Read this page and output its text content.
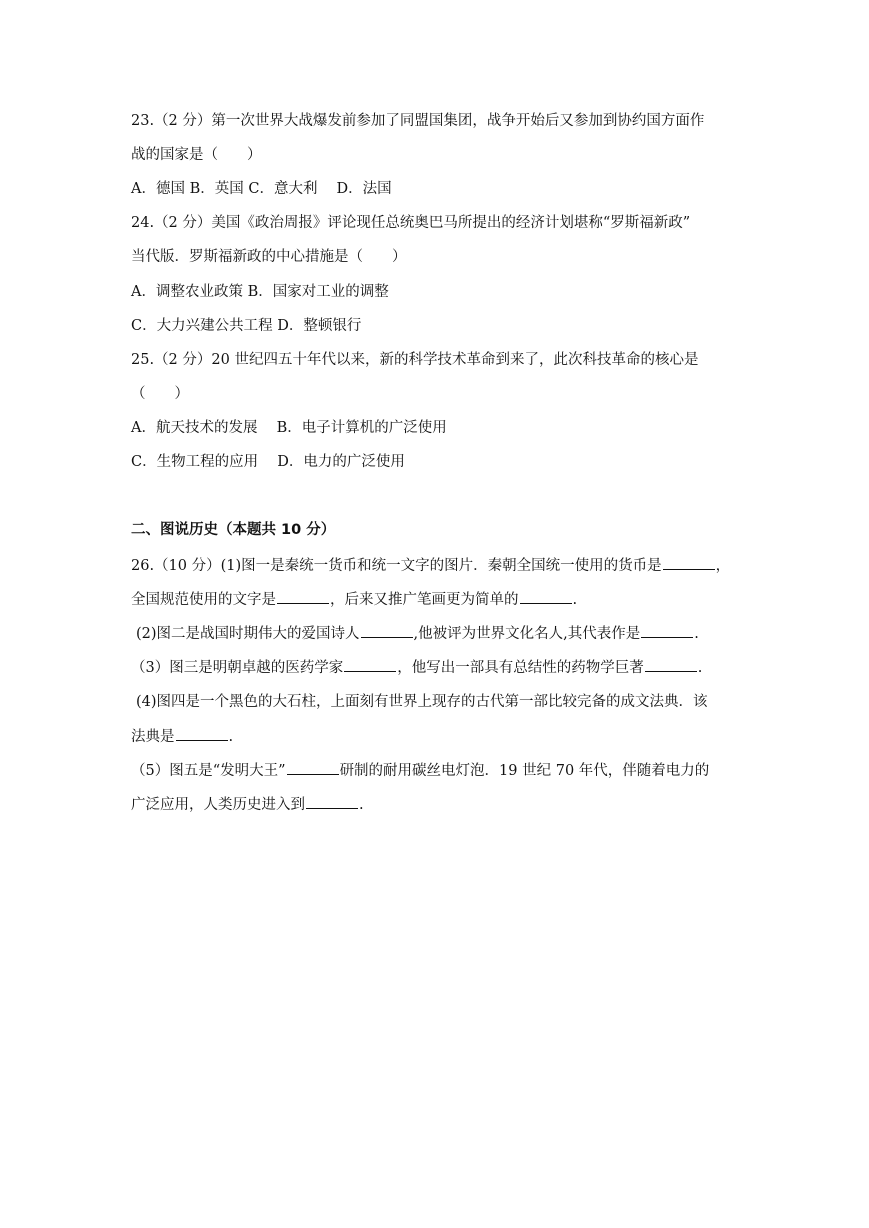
23.（2 分）第一次世界大战爆发前参加了同盟国集团，战争开始后又参加到协约国方面作
战的国家是（　　）
A．德国 B．英国 C．意大利　 D．法国
24.（2 分）美国《政治周报》评论现任总统奥巴马所提出的经济计划堪称“罗斯福新政”
当代版．罗斯福新政的中心措施是（　　）
A．调整农业政策 B．国家对工业的调整
C．大力兴建公共工程 D．整顿银行
25.（2 分）20 世纪四五十年代以来，新的科学技术革命到来了，此次科技革命的核心是
（　　）
A．航天技术的发展　 B．电子计算机的广泛使用
C．生物工程的应用　 D．电力的广泛使用
二、图说历史（本题共 10 分）
26.（10 分）(1)图一是秦统一货币和统一文字的图片．秦朝全国统一使用的货币是	，
全国规范使用的文字是	，后来又推广笔画更为简单的	.
(2)图二是战国时期伟大的爱国诗人	,他被评为世界文化名人,其代表作是	.
（3）图三是明朝卓越的医药学家	，他写出一部具有总结性的药物学巨著	.
(4)图四是一个黑色的大石柱，上面刻有世界上现存的古代第一部比较完备的成文法典．该
法典是	.
（5）图五是“发明大王”	研制的耐用碳丝电灯泡．19 世纪 70 年代，伴随着电力的
广泛应用，人类历史进入到	.
